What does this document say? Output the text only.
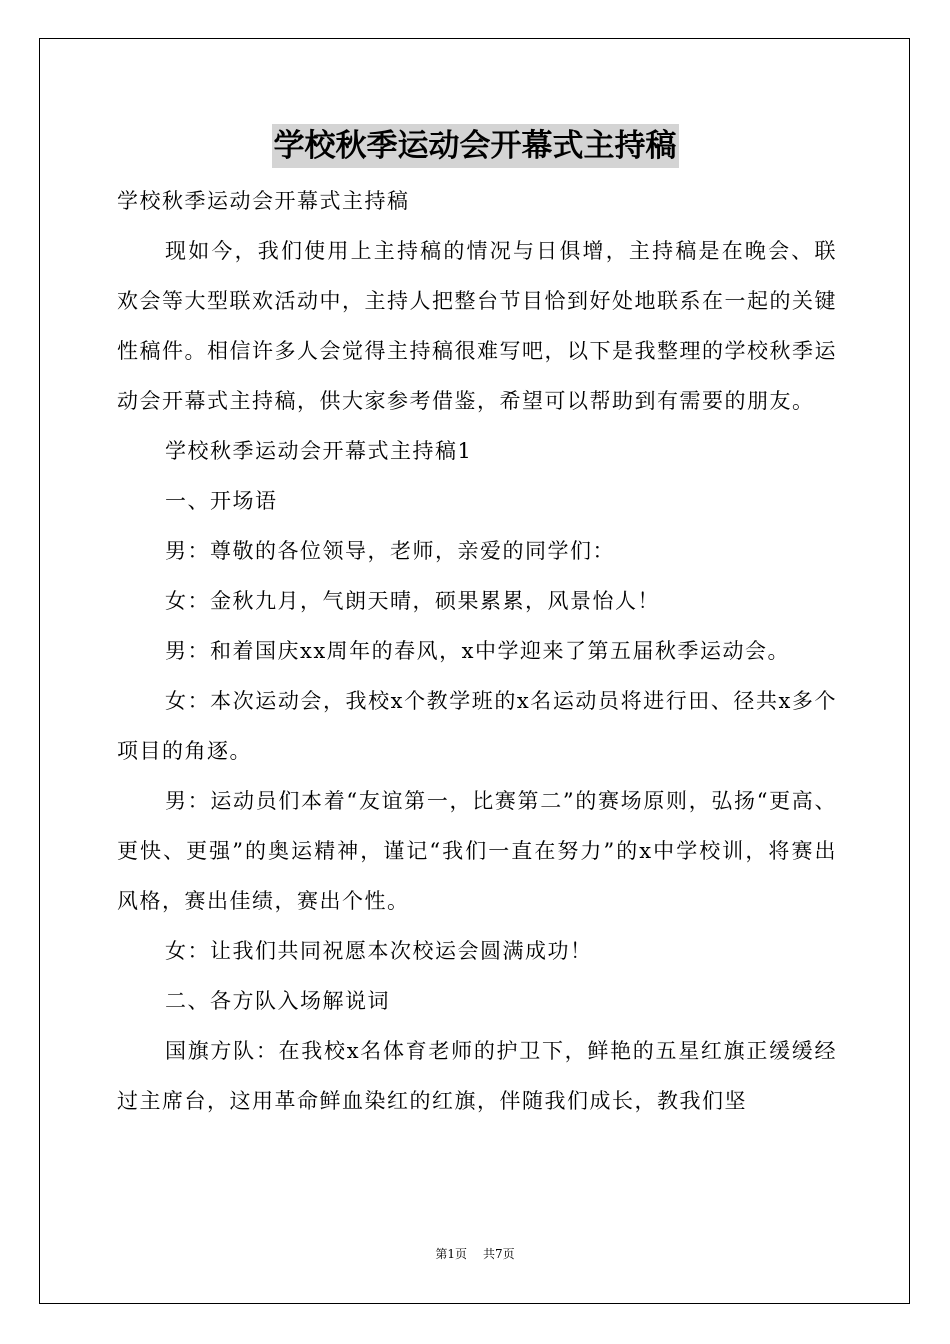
学校秋季运动会开幕式主持稿

学校秋季运动会开幕式主持稿

现如今，我们使用上主持稿的情况与日俱增，主持稿是在晚会、联欢会等大型联欢活动中，主持人把整台节目恰到好处地联系在一起的关键性稿件。相信许多人会觉得主持稿很难写吧，以下是我整理的学校秋季运动会开幕式主持稿，供大家参考借鉴，希望可以帮助到有需要的朋友。

学校秋季运动会开幕式主持稿1

一、开场语

男：尊敬的各位领导，老师，亲爱的同学们：

女：金秋九月，气朗天晴，硕果累累，风景怡人！

男：和着国庆xx周年的春风，x中学迎来了第五届秋季运动会。

女：本次运动会，我校x个教学班的x名运动员将进行田、径共x多个项目的角逐。

男：运动员们本着“友谊第一，比赛第二”的赛场原则，弘扬“更高、更快、更强”的奥运精神，谨记“我们一直在努力”的x中学校训，将赛出风格，赛出佳绩，赛出个性。

女：让我们共同祝愿本次校运会圆满成功！

二、各方队入场解说词

国旗方队：在我校x名体育老师的护卫下，鲜艳的五星红旗正缓缓经过主席台，这用革命鲜血染红的红旗，伴随我们成长，教我们坚

第1页 共7页
